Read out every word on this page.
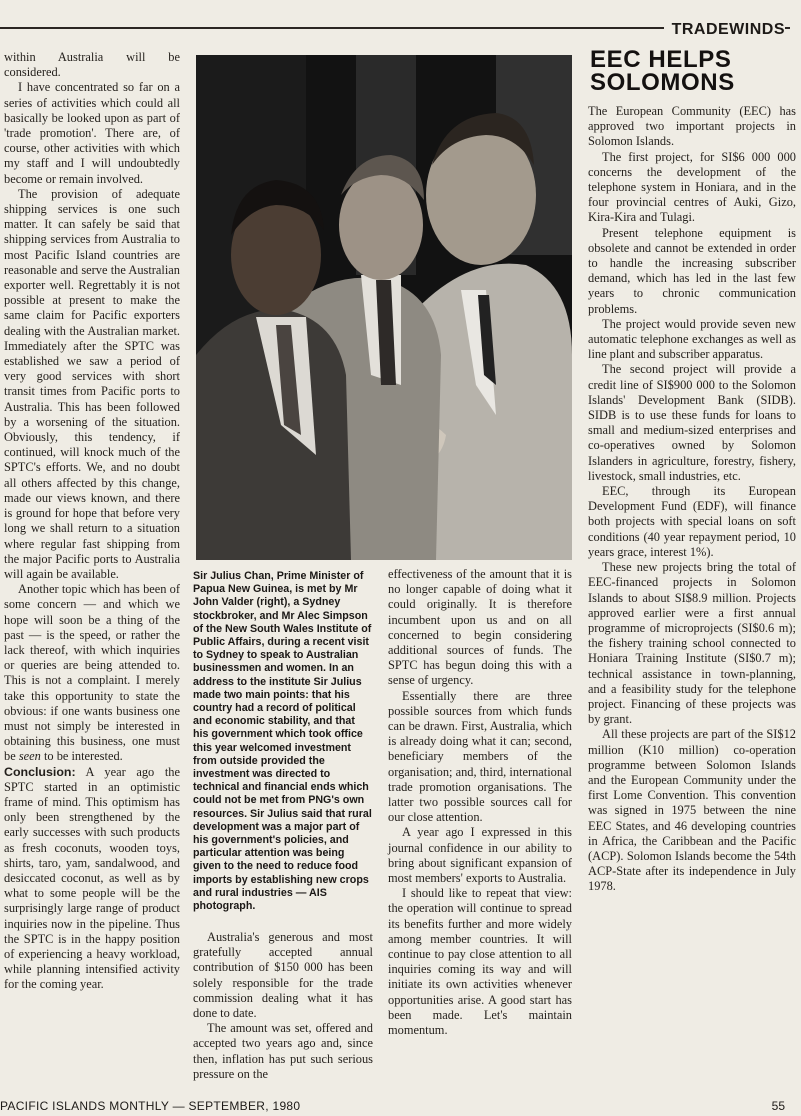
TRADEWINDS

within Australia will be considered.

I have concentrated so far on a series of activities which could all basically be looked upon as part of 'trade promotion'. There are, of course, other activities with which my staff and I will undoubtedly become or remain involved.

The provision of adequate shipping services is one such matter. It can safely be said that shipping services from Australia to most Pacific Island countries are reasonable and serve the Australian exporter well. Regrettably it is not possible at present to make the same claim for Pacific exporters dealing with the Australian market. Immediately after the SPTC was established we saw a period of very good services with short transit times from Pacific ports to Australia. This has been followed by a worsening of the situation. Obviously, this tendency, if continued, will knock much of the SPTC's efforts. We, and no doubt all others affected by this change, made our views known, and there is ground for hope that before very long we shall return to a situation where regular fast shipping from the major Pacific ports to Australia will again be available.

Another topic which has been of some concern — and which we hope will soon be a thing of the past — is the speed, or rather the lack thereof, with which inquiries or queries are being attended to. This is not a complaint. I merely take this opportunity to state the obvious: if one wants business one must not simply be interested in obtaining this business, one must be seen to be interested.

Conclusion: A year ago the SPTC started in an optimistic frame of mind. This optimism has only been strengthened by the early successes with such products as fresh coconuts, wooden toys, shirts, taro, yam, sandalwood, and desiccated coconut, as well as by what to some people will be the surprisingly large range of product inquiries now in the pipeline. Thus the SPTC is in the happy position of experiencing a heavy workload, while planning intensified activity for the coming year.

Sir Julius Chan, Prime Minister of Papua New Guinea, is met by Mr John Valder (right), a Sydney stockbroker, and Mr Alec Simpson of the New South Wales Institute of Public Affairs, during a recent visit to Sydney to speak to Australian businessmen and women. In an address to the institute Sir Julius made two main points: that his country had a record of political and economic stability, and that his government which took office this year welcomed investment from outside provided the investment was directed to technical and financial ends which could not be met from PNG's own resources. Sir Julius said that rural development was a major part of his government's policies, and particular attention was being given to the need to reduce food imports by establishing new crops and rural industries — AIS photograph.

Australia's generous and most gratefully accepted annual contribution of $150 000 has been solely responsible for the trade commission dealing what it has done to date.

The amount was set, offered and accepted two years ago and, since then, inflation has put such serious pressure on the

effectiveness of the amount that it is no longer capable of doing what it could originally. It is therefore incumbent upon us and on all concerned to begin considering additional sources of funds. The SPTC has begun doing this with a sense of urgency.

Essentially there are three possible sources from which funds can be drawn. First, Australia, which is already doing what it can; second, beneficiary members of the organisation; and, third, international trade promotion organisations. The latter two possible sources call for our close attention.

A year ago I expressed in this journal confidence in our ability to bring about significant expansion of most members' exports to Australia.

I should like to repeat that view: the operation will continue to spread its benefits further and more widely among member countries. It will continue to pay close attention to all inquiries coming its way and will initiate its own activities whenever opportunities arise. A good start has been made. Let's maintain momentum.

EEC HELPS
SOLOMONS

The European Community (EEC) has approved two important projects in Solomon Islands.

The first project, for SI$6 000 000 concerns the development of the telephone system in Honiara, and in the four provincial centres of Auki, Gizo, Kira-Kira and Tulagi.

Present telephone equipment is obsolete and cannot be extended in order to handle the increasing subscriber demand, which has led in the last few years to chronic communication problems.

The project would provide seven new automatic telephone exchanges as well as line plant and subscriber apparatus.

The second project will provide a credit line of SI$900 000 to the Solomon Islands' Development Bank (SIDB). SIDB is to use these funds for loans to small and medium-sized enterprises and co-operatives owned by Solomon Islanders in agriculture, forestry, fishery, livestock, small industries, etc.

EEC, through its European Development Fund (EDF), will finance both projects with special loans on soft conditions (40 year repayment period, 10 years grace, interest 1%).

These new projects bring the total of EEC-financed projects in Solomon Islands to about SI$8.9 million. Projects approved earlier were a first annual programme of microprojects (SI$0.6 m); the fishery training school connected to Honiara Training Institute (SI$0.7 m); technical assistance in town-planning, and a feasibility study for the telephone project. Financing of these projects was by grant.

All these projects are part of the SI$12 million (K10 million) co-operation programme between Solomon Islands and the European Community under the first Lome Convention. This convention was signed in 1975 between the nine EEC States, and 46 developing countries in Africa, the Caribbean and the Pacific (ACP). Solomon Islands become the 54th ACP-State after its independence in July 1978.

PACIFIC ISLANDS MONTHLY — SEPTEMBER, 1980	55
